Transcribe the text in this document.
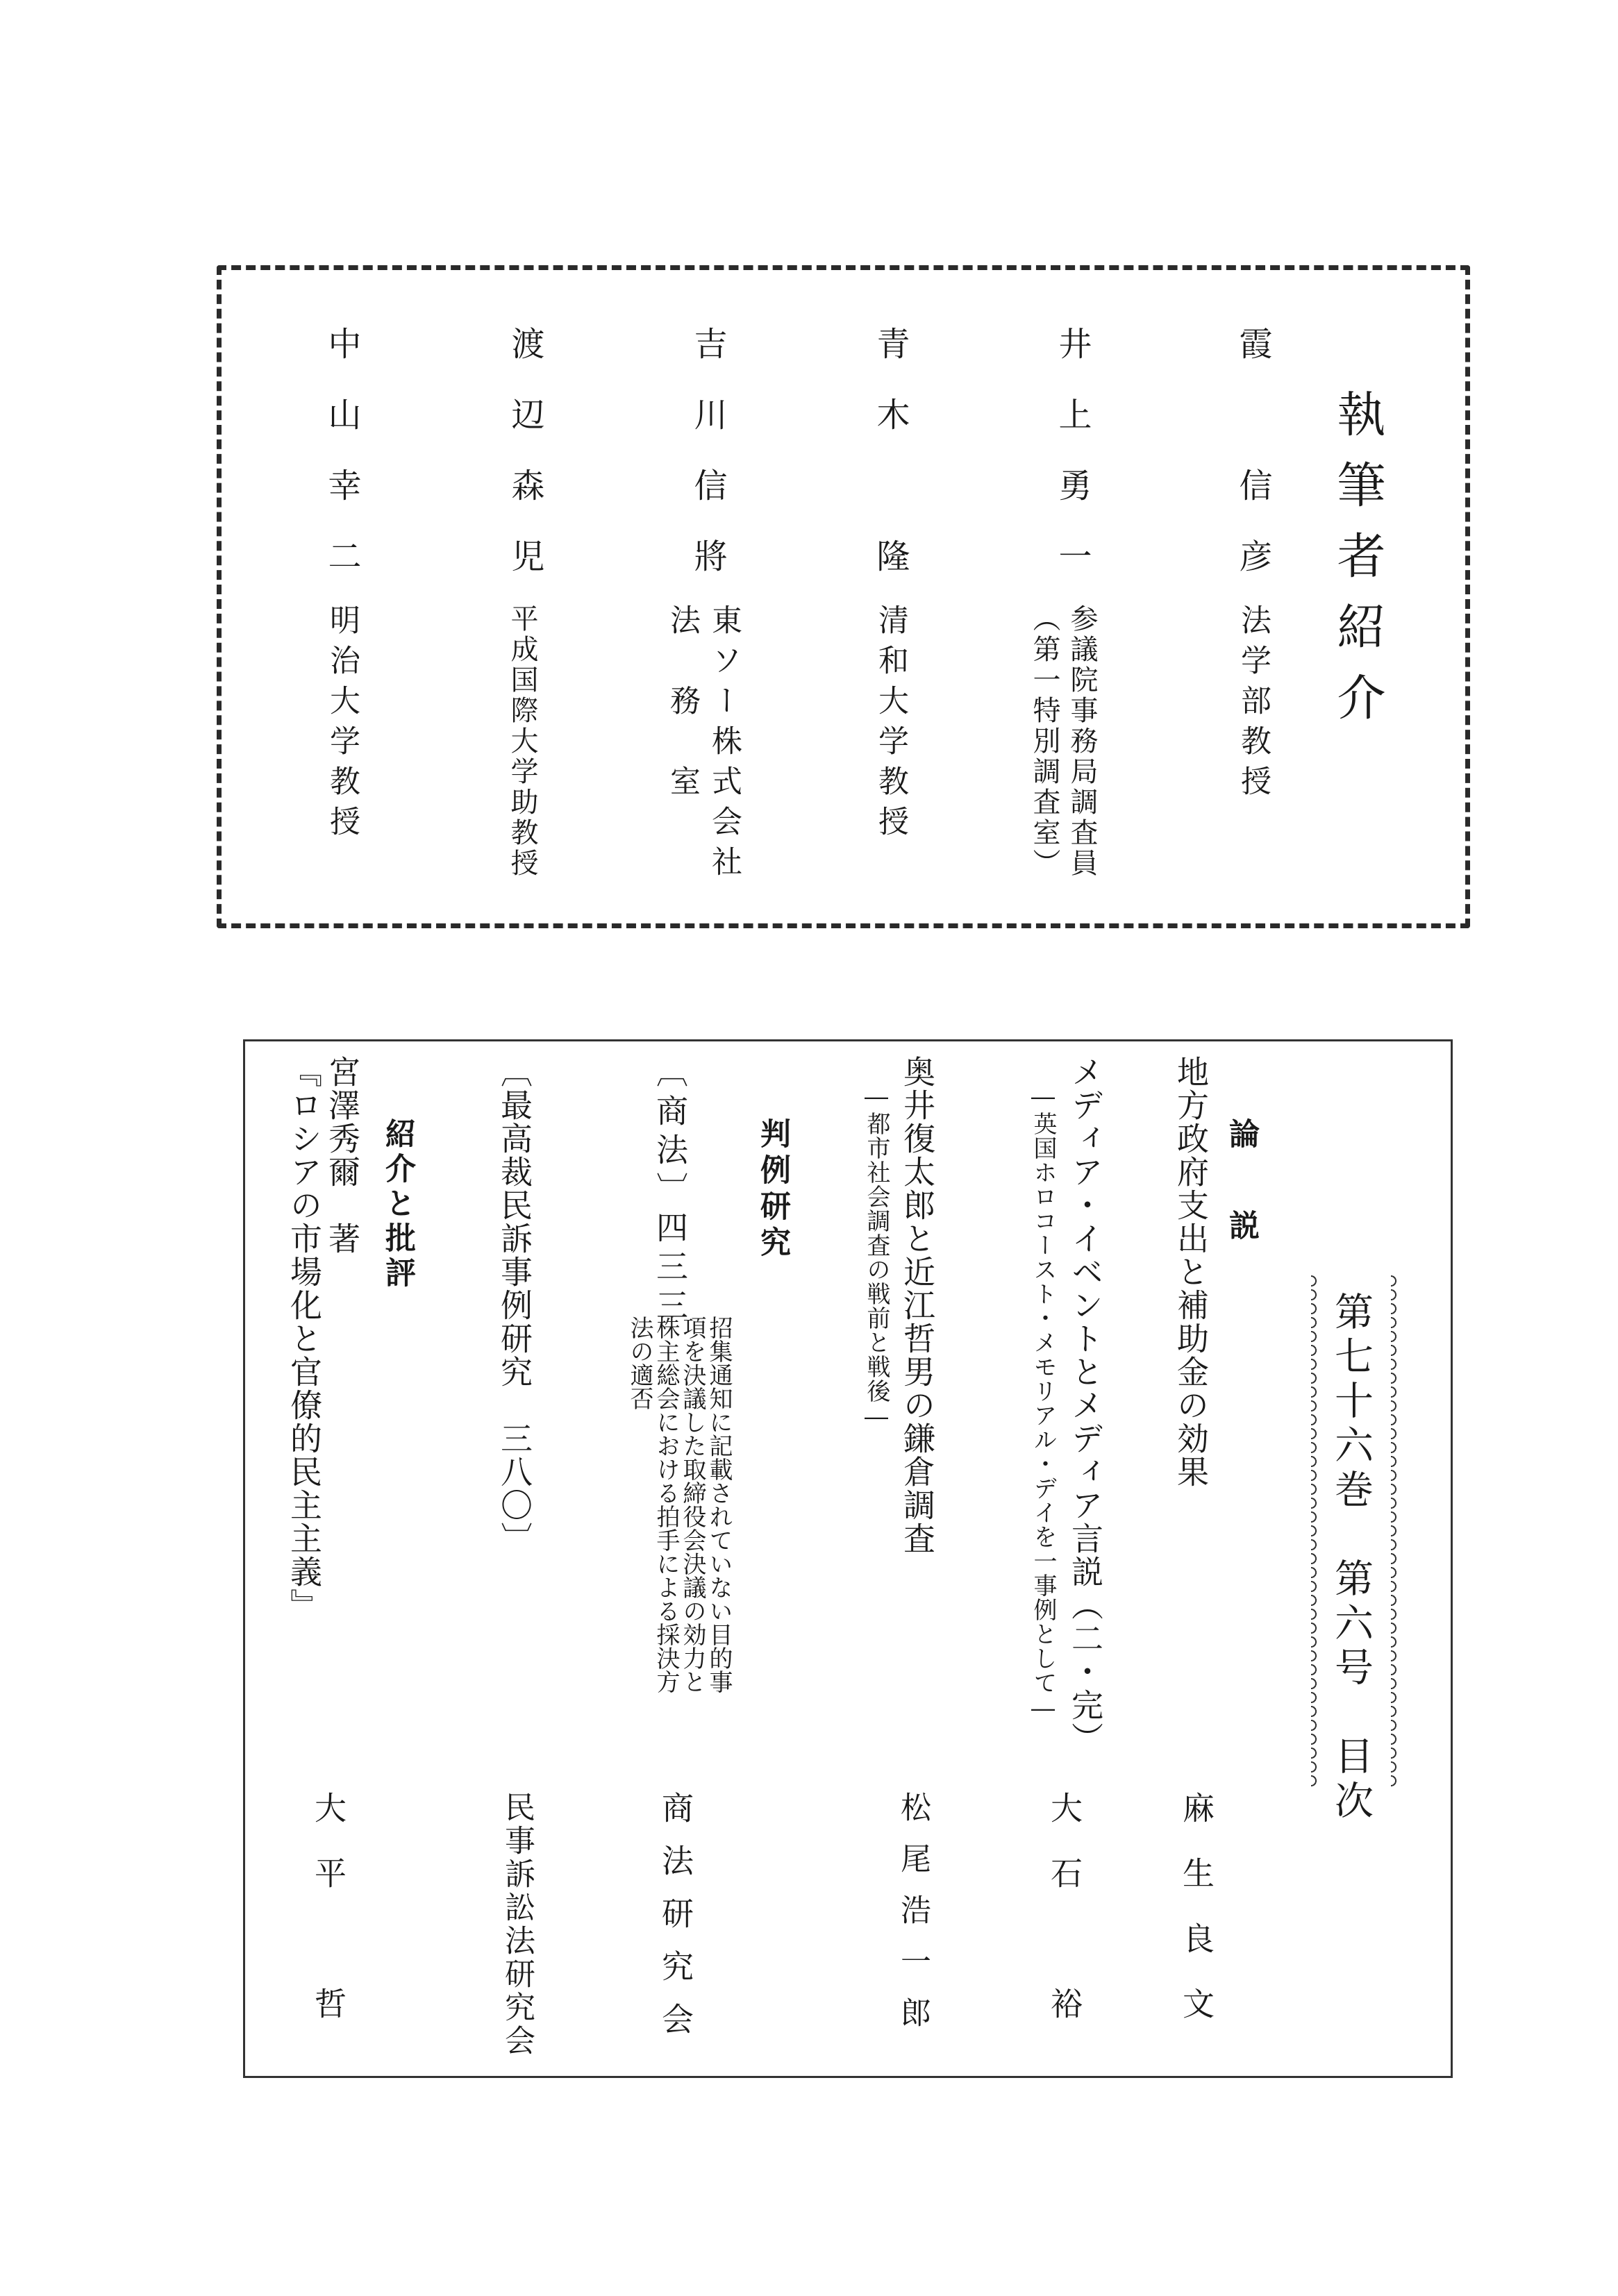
執筆者紹介
霞　信彦
法学部教授
井上勇一
参議院事務局調査員
（第一特別調査室）
青木　隆
清和大学教授
吉川信將
東ソー株式会社
法　務　室
渡辺森児
平成国際大学助教授
中山幸二
明治大学教授
第七十六巻　第六号　目次
論　説
地方政府支出と補助金の効果
麻生良文
メディア・イベントとメディア言説（二・完）
―英国ホロコースト・メモリアル・デイを一事例として―
大石　裕
奥井復太郎と近江哲男の鎌倉調査
―都市社会調査の戦前と戦後―
松尾浩一郎
判例研究
〔商法〕四三三
招集通知に記載されていない目的事
項を決議した取締役会決議の効力と
株主総会における拍手による採決方
法の適否
商法研究会
〔最高裁民訴事例研究　三八〇〕
民事訴訟法研究会
紹介と批評
宮澤秀爾　著
『ロシアの市場化と官僚的民主主義』
大平　哲
